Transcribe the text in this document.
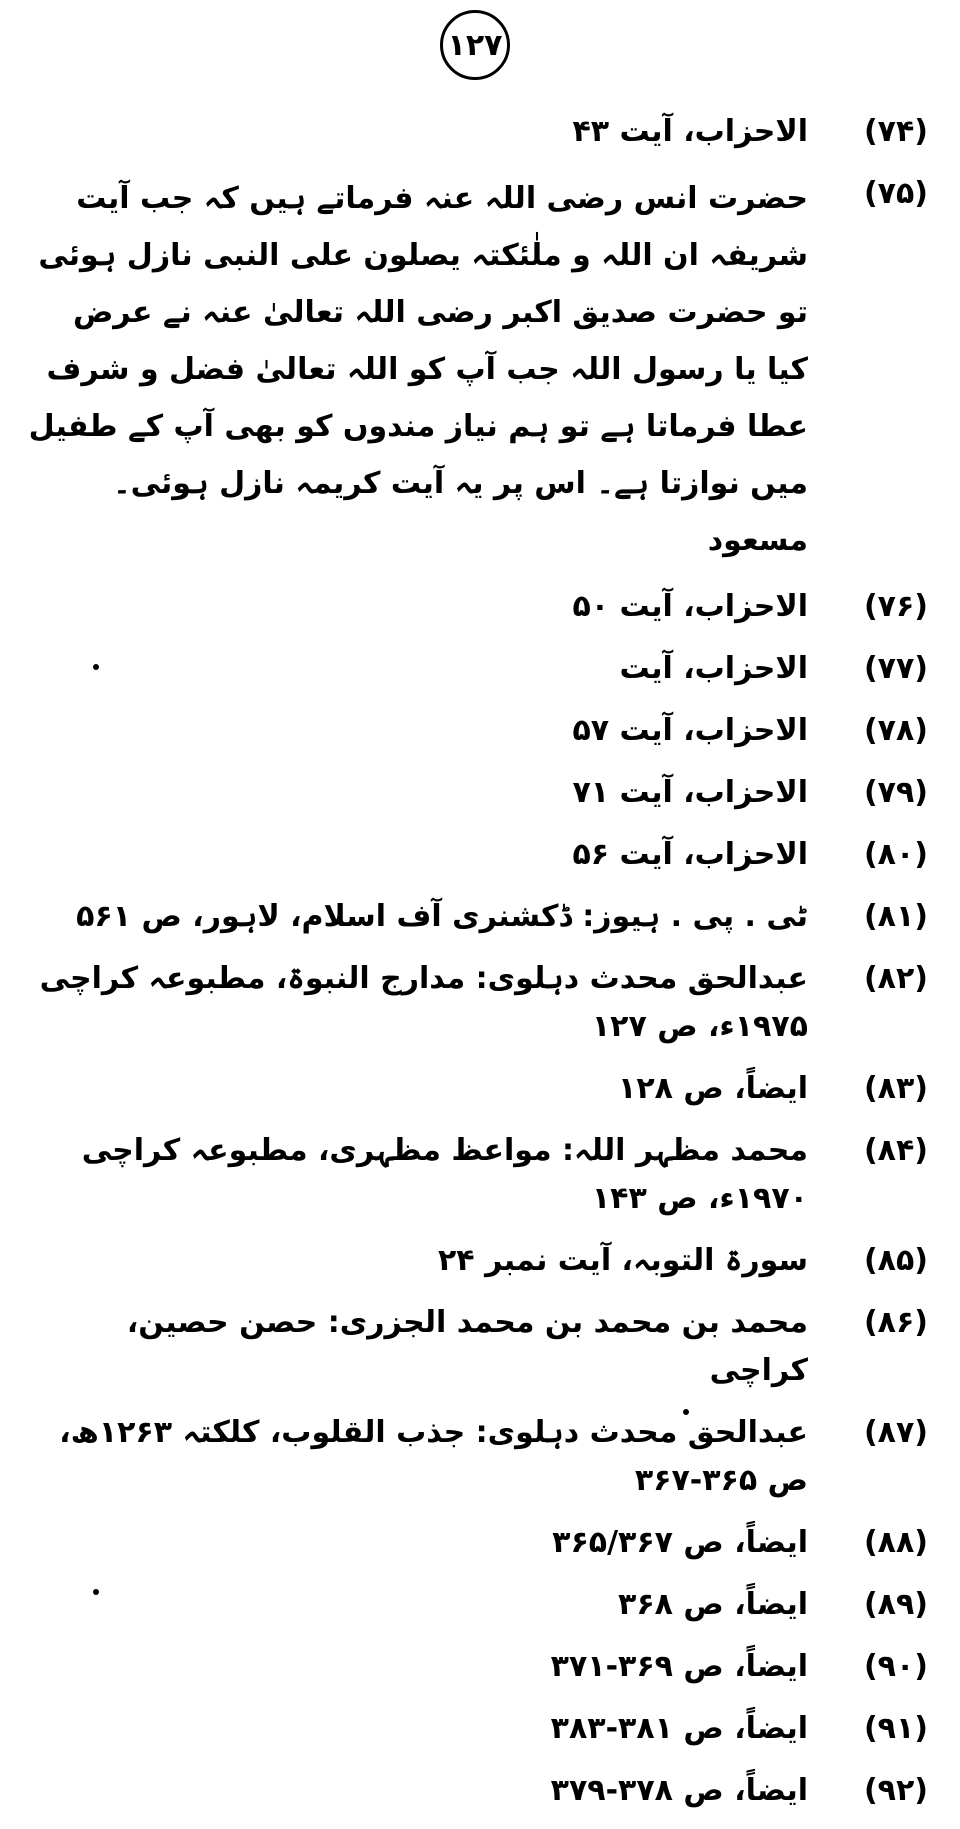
۱۲۷
(۷۴)
الاحزاب، آیت ۴۳
(۷۵)
حضرت انس رضی اللہ عنہ فرماتے ہیں کہ جب آیت شریفہ ان اللہ و ملٰئکتہ یصلون علی النبی نازل ہوئی تو حضرت صدیق اکبر رضی اللہ تعالیٰ عنہ نے عرض کیا یا رسول اللہ جب آپ کو اللہ تعالیٰ فضل و شرف عطا فرماتا ہے تو ہم نیاز مندوں کو بھی آپ کے طفیل میں نوازتا ہے۔ اس پر یہ آیت کریمہ نازل ہوئی۔ مسعود
(۷۶)
الاحزاب، آیت ۵۰
(۷۷)
الاحزاب، آیت
(۷۸)
الاحزاب، آیت ۵۷
(۷۹)
الاحزاب، آیت ۷۱
(۸۰)
الاحزاب، آیت ۵۶
(۸۱)
ٹی . پی . ہیوز: ڈکشنری آف اسلام، لاہور، ص ۵۶۱
(۸۲)
عبدالحق محدث دہلوی: مدارج النبوۃ، مطبوعہ کراچی ۱۹۷۵ء، ص ۱۲۷
(۸۳)
ایضاً، ص ۱۲۸
(۸۴)
محمد مظہر اللہ: مواعظ مظہری، مطبوعہ کراچی ۱۹۷۰ء، ص ۱۴۳
(۸۵)
سورۃ التوبہ، آیت نمبر ۲۴
(۸۶)
محمد بن محمد بن محمد الجزری: حصن حصین، کراچی
(۸۷)
عبدالحق محدث دہلوی: جذب القلوب، کلکتہ ۱۲۶۳ھ، ص ۳۶۵-۳۶۷
(۸۸)
ایضاً، ص ۳۶۵/۳۶۷
(۸۹)
ایضاً، ص ۳۶۸
(۹۰)
ایضاً، ص ۳۶۹-۳۷۱
(۹۱)
ایضاً، ص ۳۸۱-۳۸۳
(۹۲)
ایضاً، ص ۳۷۸-۳۷۹
